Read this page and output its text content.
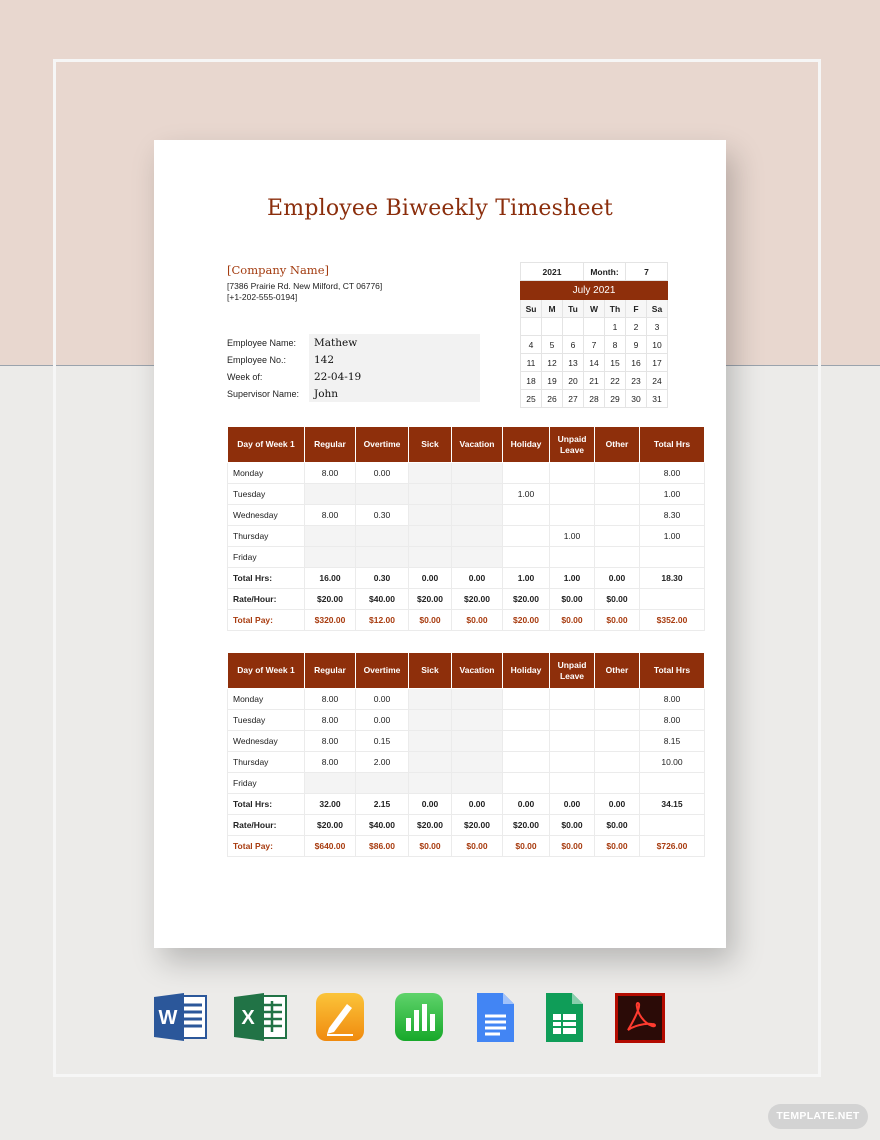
Employee Biweekly Timesheet
[Company Name]
[7386 Prairie Rd. New Milford, CT 06776]
[+1-202-555-0194]
Employee Name:	Mathew
Employee No.:	142
Week of:	22-04-19
Supervisor Name:	John
2021			Month:		7	
July 2021						
Su	M	Tu	W	Th	F	Sa
				1	2	3
4	5	6	7	8	9	10
11	12	13	14	15	16	17
18	19	20	21	22	23	24
25	26	27	28	29	30	31
Day of Week 1	Regular	Overtime	Sick	Vacation	Holiday	Unpaid Leave	Other	Total Hrs
Monday	8.00	0.00						8.00
Tuesday					1.00			1.00
Wednesday	8.00	0.30						8.30
Thursday						1.00		1.00
Friday								
Total Hrs:	16.00	0.30	0.00	0.00	1.00	1.00	0.00	18.30
Rate/Hour:	$20.00	$40.00	$20.00	$20.00	$20.00	$0.00	$0.00	
Total Pay:	$320.00	$12.00	$0.00	$0.00	$20.00	$0.00	$0.00	$352.00
Day of Week 1	Regular	Overtime	Sick	Vacation	Holiday	Unpaid Leave	Other	Total Hrs
Monday	8.00	0.00						8.00
Tuesday	8.00	0.00						8.00
Wednesday	8.00	0.15						8.15
Thursday	8.00	2.00						10.00
Friday								
Total Hrs:	32.00	2.15	0.00	0.00	0.00	0.00	0.00	34.15
Rate/Hour:	$20.00	$40.00	$20.00	$20.00	$20.00	$0.00	$0.00	
Total Pay:	$640.00	$86.00	$0.00	$0.00	$0.00	$0.00	$0.00	$726.00
W	X
TEMPLATE.NET
